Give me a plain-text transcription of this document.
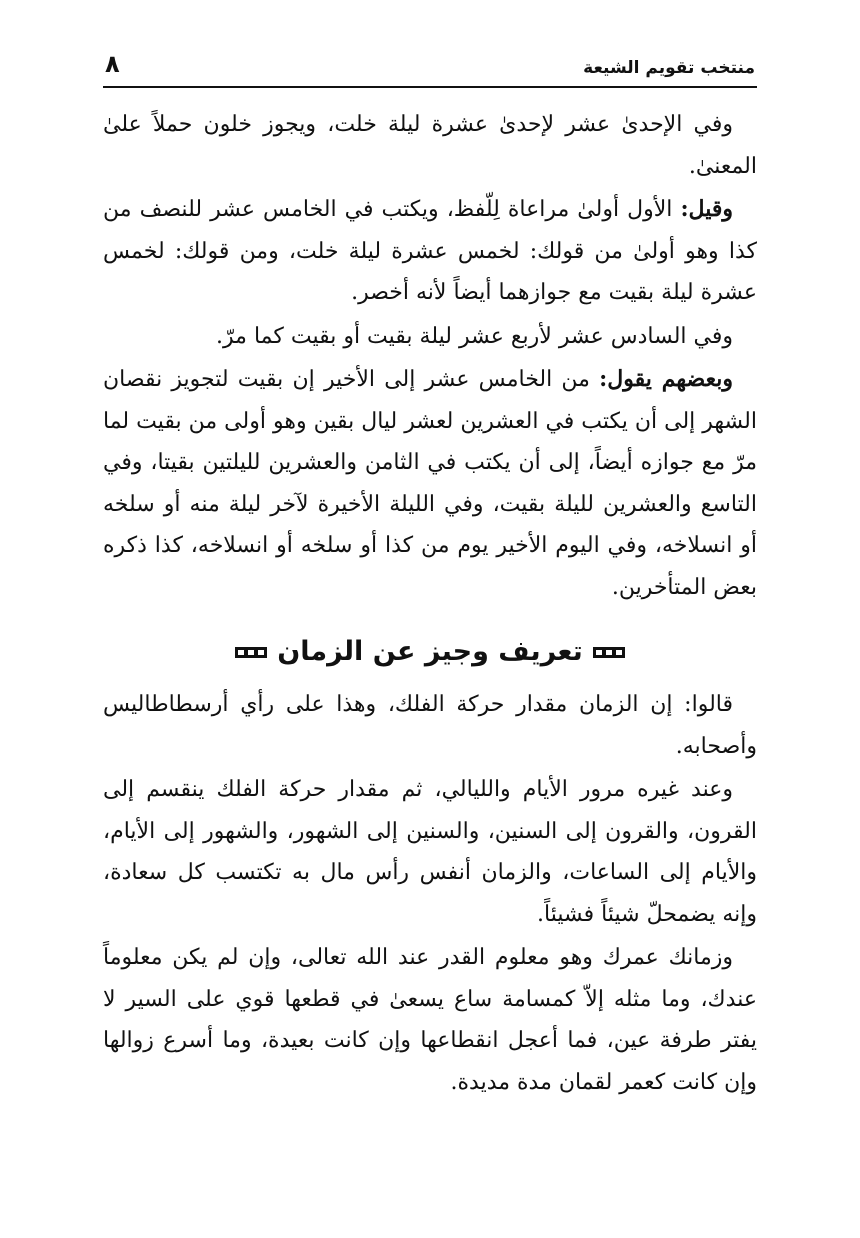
منتخب تقويم الشيعة
٨

وفي الإحدىٰ عشر لإحدىٰ عشرة ليلة خلت، ويجوز خلون حملاً علىٰ المعنىٰ.

وقيل: الأول أولىٰ مراعاة لِلّفظ، ويكتب في الخامس عشر للنصف من كذا وهو أولىٰ من قولك: لخمس عشرة ليلة خلت، ومن قولك: لخمس عشرة ليلة بقيت مع جوازهما أيضاً لأنه أخصر.

وفي السادس عشر لأربع عشر ليلة بقيت أو بقيت كما مرّ.

وبعضهم يقول: من الخامس عشر إلى الأخير إن بقيت لتجويز نقصان الشهر إلى أن يكتب في العشرين لعشر ليال بقين وهو أولى من بقيت لما مرّ مع جوازه أيضاً، إلى أن يكتب في الثامن والعشرين لليلتين بقيتا، وفي التاسع والعشرين لليلة بقيت، وفي الليلة الأخيرة لآخر ليلة منه أو سلخه أو انسلاخه، وفي اليوم الأخير يوم من كذا أو سلخه أو انسلاخه، كذا ذكره بعض المتأخرين.

تعريف وجيز عن الزمان

قالوا: إن الزمان مقدار حركة الفلك، وهذا على رأي أرسطاطاليس وأصحابه.

وعند غيره مرور الأيام والليالي، ثم مقدار حركة الفلك ينقسم إلى القرون، والقرون إلى السنين، والسنين إلى الشهور، والشهور إلى الأيام، والأيام إلى الساعات، والزمان أنفس رأس مال به تكتسب كل سعادة، وإنه يضمحلّ شيئاً فشيئاً.

وزمانك عمرك وهو معلوم القدر عند الله تعالى، وإن لم يكن معلوماً عندك، وما مثله إلاّ كمسامة ساع يسعىٰ في قطعها قوي على السير لا يفتر طرفة عين، فما أعجل انقطاعها وإن كانت بعيدة، وما أسرع زوالها وإن كانت كعمر لقمان مدة مديدة.
